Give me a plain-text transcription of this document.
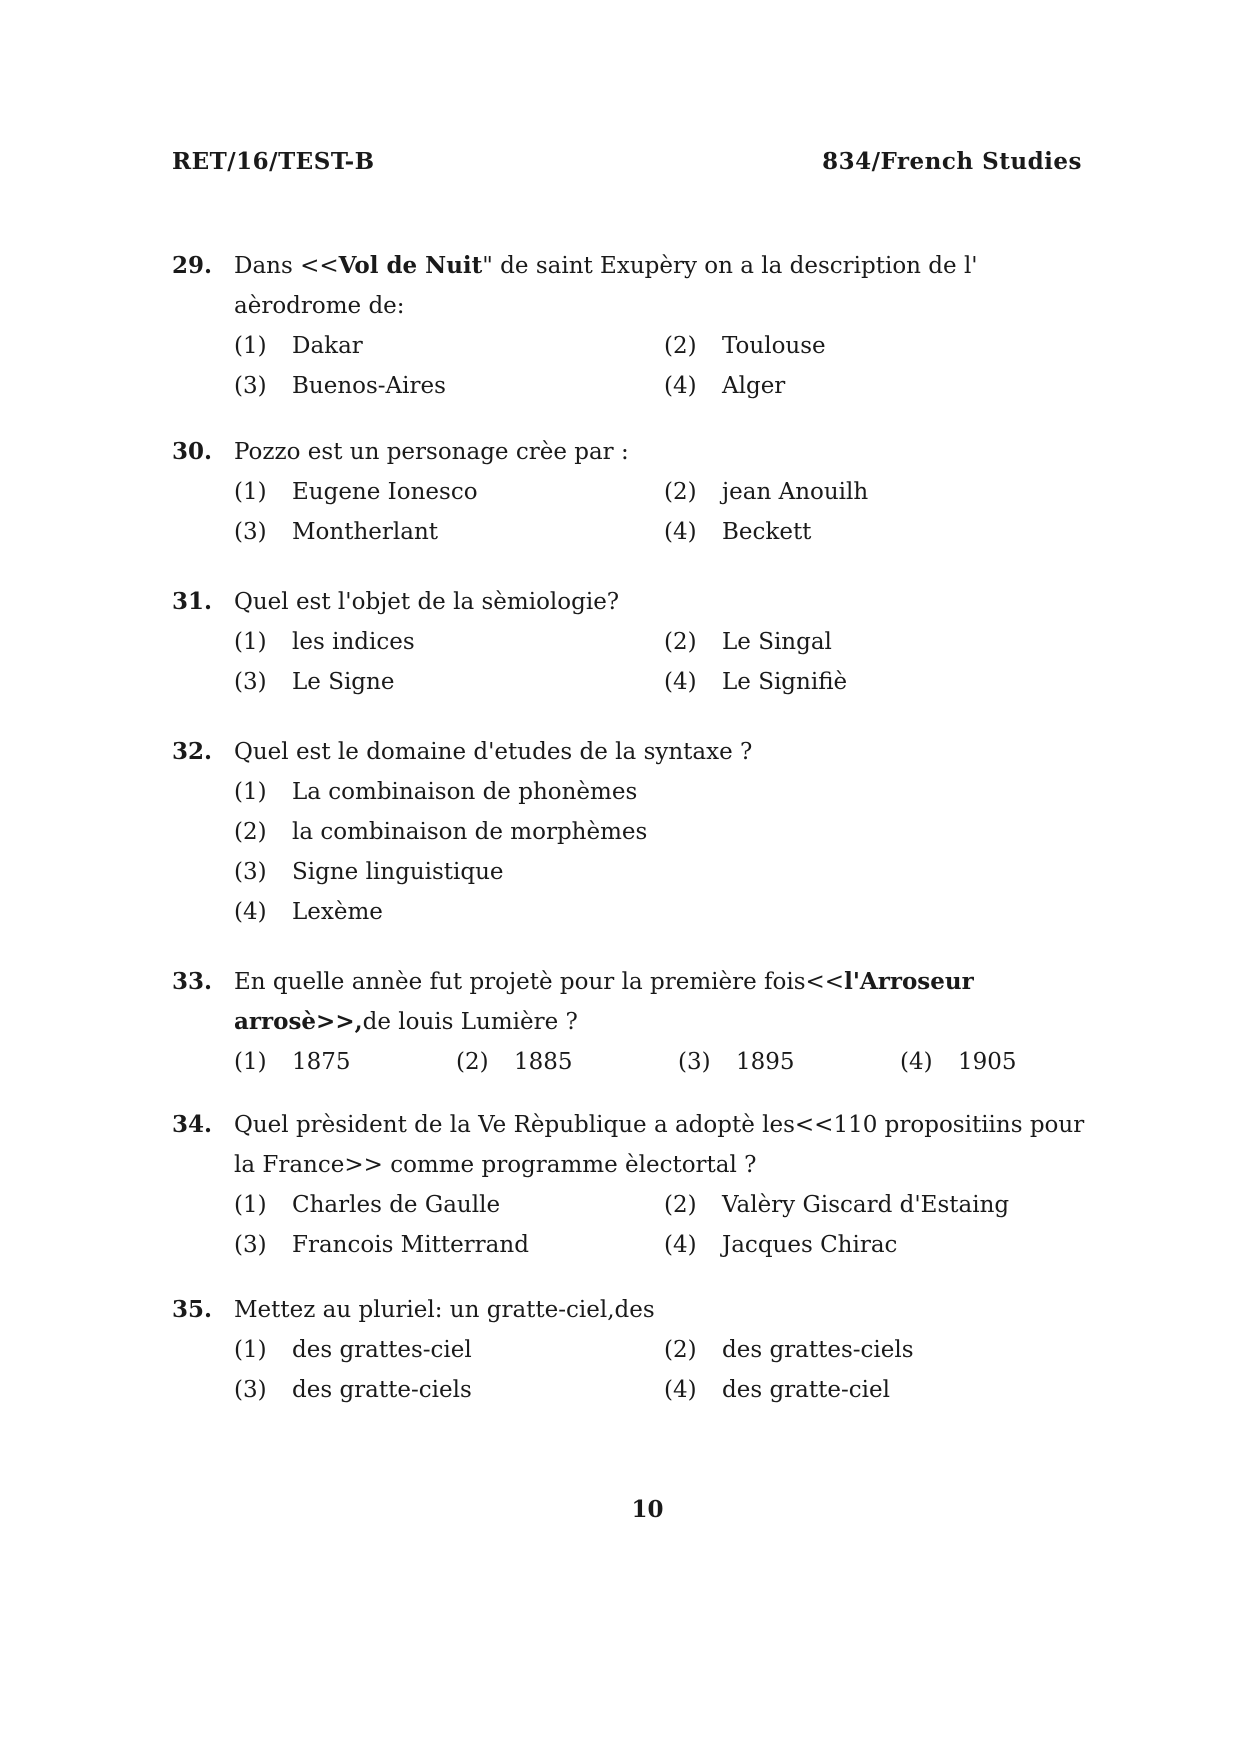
RET/16/TEST-B	834/French Studies
29. Dans <<Vol de Nuit" de saint Exupèry on a la description de l' aèrodrome de:
(1)	Dakar	(2)	Toulouse
(3)	Buenos-Aires	(4)	Alger
30. Pozzo est un personage crèe par :
(1)	Eugene Ionesco	(2)	jean Anouilh
(3)	Montherlant	(4)	Beckett
31. Quel est l'objet de la sèmiologie?
(1)	les indices	(2)	Le Singal
(3)	Le Signe	(4)	Le Signifiè
32. Quel est le domaine d'etudes de la syntaxe ?
(1)	La combinaison de phonèmes
(2)	la combinaison de morphèmes
(3)	Signe linguistique
(4)	Lexème
33. En quelle annèe fut projetè pour la première fois<<l'Arroseur arrosè>>,de louis Lumière ?
(1)	1875	(2)	1885	(3)	1895	(4)	1905
34. Quel prèsident de la Ve Rèpublique a adoptè les<<110 propositiins pour la France>> comme programme èlectortal ?
(1)	Charles de Gaulle	(2)	Valèry Giscard d'Estaing
(3)	Francois Mitterrand	(4)	Jacques Chirac
35. Mettez au pluriel: un gratte-ciel,des
(1)	des grattes-ciel	(2)	des grattes-ciels
(3)	des gratte-ciels	(4)	des gratte-ciel
10
